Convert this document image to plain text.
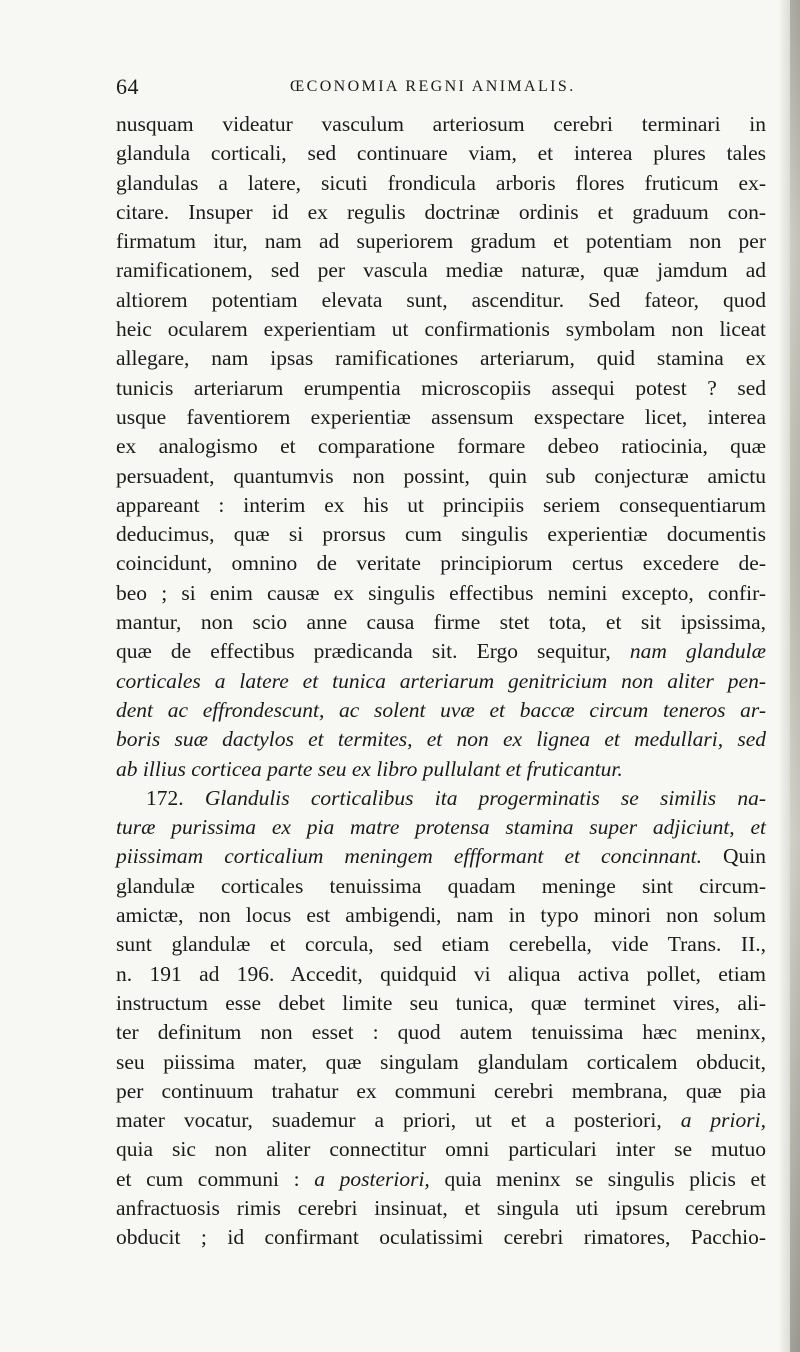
64	ŒCONOMIA REGNI ANIMALIS.
nusquam videatur vasculum arteriosum cerebri terminari in
glandula corticali, sed continuare viam, et interea plures tales
glandulas a latere, sicuti frondicula arboris flores fruticum ex-
citare. Insuper id ex regulis doctrinæ ordinis et graduum con-
firmatum itur, nam ad superiorem gradum et potentiam non per
ramificationem, sed per vascula mediæ naturæ, quæ jamdum ad
altiorem potentiam elevata sunt, ascenditur. Sed fateor, quod
heic ocularem experientiam ut confirmationis symbolam non liceat
allegare, nam ipsas ramificationes arteriarum, quid stamina ex
tunicis arteriarum erumpentia microscopiis assequi potest ? sed
usque faventiorem experientiæ assensum exspectare licet, interea
ex analogismo et comparatione formare debeo ratiocinia, quæ
persuadent, quantumvis non possint, quin sub conjecturæ amictu
appareant : interim ex his ut principiis seriem consequentiarum
deducimus, quæ si prorsus cum singulis experientiæ documentis
coincidunt, omnino de veritate principiorum certus excedere de-
beo ; si enim causæ ex singulis effectibus nemini excepto, confir-
mantur, non scio anne causa firme stet tota, et sit ipsissima,
quæ de effectibus prædicanda sit. Ergo sequitur, nam glandulæ
corticales a latere et tunica arteriarum genitricium non aliter pen-
dent ac effrondescunt, ac solent uvæ et baccæ circum teneros ar-
boris suæ dactylos et termites, et non ex lignea et medullari, sed
ab illius corticea parte seu ex libro pullulant et fruticantur.
172. Glandulis corticalibus ita progerminatis se similis na-
turæ purissima ex pia matre protensa stamina super adjiciunt, et
piissimam corticalium meningem effformant et concinnant. Quin
glandulæ corticales tenuissima quadam meninge sint circum-
amictæ, non locus est ambigendi, nam in typo minori non solum
sunt glandulæ et corcula, sed etiam cerebella, vide Trans. II.,
n. 191 ad 196. Accedit, quidquid vi aliqua activa pollet, etiam
instructum esse debet limite seu tunica, quæ terminet vires, ali-
ter definitum non esset : quod autem tenuissima hæc meninx,
seu piissima mater, quæ singulam glandulam corticalem obducit,
per continuum trahatur ex communi cerebri membrana, quæ pia
mater vocatur, suademur a priori, ut et a posteriori, a priori,
quia sic non aliter connectitur omni particulari inter se mutuo
et cum communi : a posteriori, quia meninx se singulis plicis et
anfractuosis rimis cerebri insinuat, et singula uti ipsum cerebrum
obducit ; id confirmant oculatissimi cerebri rimatores, Pacchio-
